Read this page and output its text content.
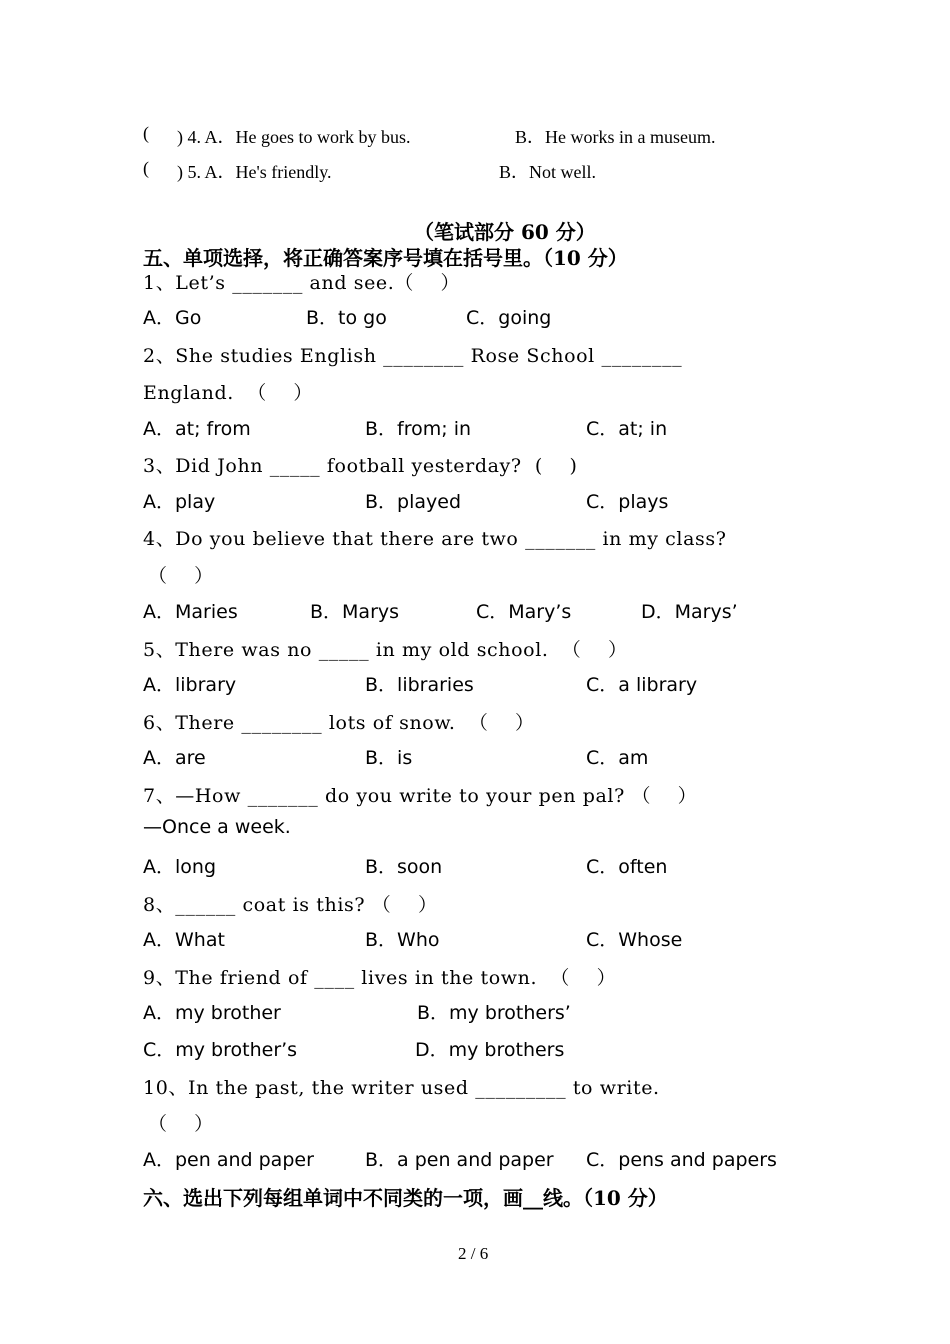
( ) 4. A．He goes to work by bus.	B．He works in a museum.
( ) 5. A．He's friendly.	B．Not well.
（笔试部分 60 分）
五、单项选择，将正确答案序号填在括号里。（10 分）
1、Let’s _______ and see.（    ）
A．Go	B．to go	C．going
2、She studies English ________ Rose School ________
England.  （    ）
A．at; from	B．from; in	C．at; in
3、Did John _____ football yesterday?  (    )
A．play	B．played	C．plays
4、Do you believe that there are two _______ in my class?
（    ）
A．Maries	B．Marys	C．Mary’s	D．Marys’
5、There was no _____ in my old school.  （    ）
A．library	B．libraries	C．a library
6、There ________ lots of snow.  （    ）
A．are	B．is	C．am
7、—How _______ do you write to your pen pal? （    ）
—Once a week.
A．long	B．soon	C．often
8、______ coat is this? （    ）
A．What	B．Who	C．Whose
9、The friend of ____ lives in the town.  （    ）
A．my brother	B．my brothers’
C．my brother’s	D．my brothers
10、In the past, the writer used _________ to write.
（    ）
A．pen and paper	B．a pen and paper C．pens and papers
六、选出下列每组单词中不同类的一项，画__线。（10 分）
2 / 6
